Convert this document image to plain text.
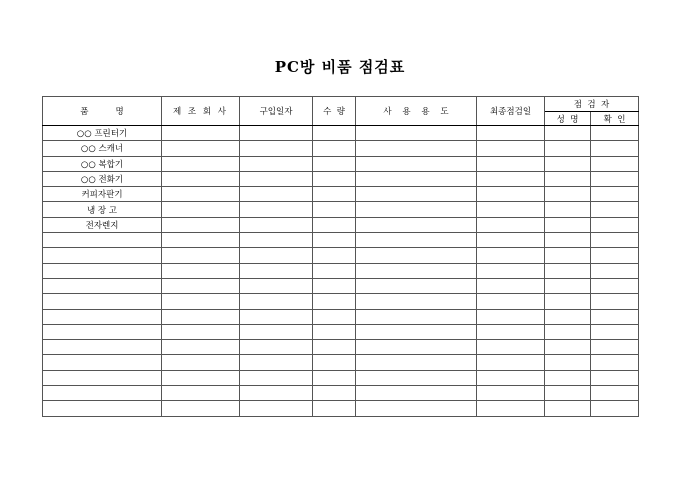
PC방 비품 점검표
품          명	제 조 회 사	구입일자	수  량	사    용    용    도	최종점검일	점  검  자	
						성  명	확  인
○○ 프린터기							
○○ 스캐너							
○○ 복합기							
○○ 전화기							
커피자판기							
냉 장 고							
전자렌지							
